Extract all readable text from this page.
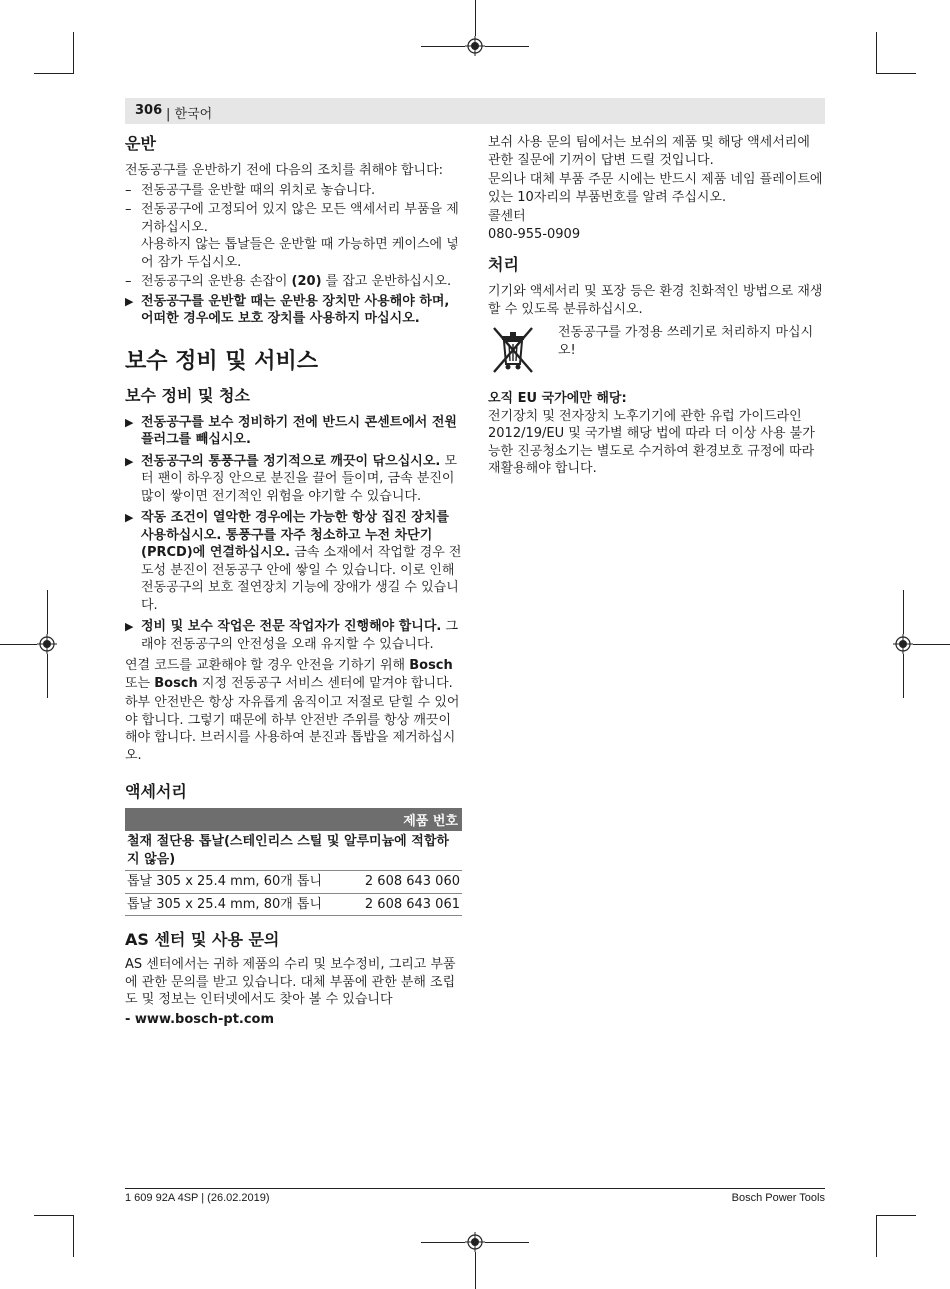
306 | 한국어
운반

전동공구를 운반하기 전에 다음의 조치를 취해야 합니다:

– 전동공구를 운반할 때의 위치로 놓습니다.

– 전동공구에 고정되어 있지 않은 모든 액세서리 부품을 제거하십시오.
사용하지 않는 톱날들은 운반할 때 가능하면 케이스에 넣어 잠가 두십시오.

– 전동공구의 운반용 손잡이 (20) 를 잡고 운반하십시오.

▶ 전동공구를 운반할 때는 운반용 장치만 사용해야 하며, 어떠한 경우에도 보호 장치를 사용하지 마십시오.

보수 정비 및 서비스
보수 정비 및 청소

▶ 전동공구를 보수 정비하기 전에 반드시 콘센트에서 전원 플러그를 빼십시오.

▶ 전동공구의 통풍구를 정기적으로 깨끗이 닦으십시오. 모터 팬이 하우징 안으로 분진을 끌어 들이며, 금속 분진이 많이 쌓이면 전기적인 위험을 야기할 수 있습니다.

▶ 작동 조건이 열악한 경우에는 가능한 항상 집진 장치를 사용하십시오. 통풍구를 자주 청소하고 누전 차단기(PRCD)에 연결하십시오. 금속 소재에서 작업할 경우 전도성 분진이 전동공구 안에 쌓일 수 있습니다. 이로 인해 전동공구의 보호 절연장치 기능에 장애가 생길 수 있습니다.

▶ 정비 및 보수 작업은 전문 작업자가 진행해야 합니다. 그래야 전동공구의 안전성을 오래 유지할 수 있습니다.

연결 코드를 교환해야 할 경우 안전을 기하기 위해 Bosch 또는 Bosch 지정 전동공구 서비스 센터에 맡겨야 합니다.

하부 안전반은 항상 자유롭게 움직이고 저절로 닫힐 수 있어야 합니다. 그렇기 때문에 하부 안전반 주위를 항상 깨끗이 해야 합니다. 브러시를 사용하여 분진과 톱밥을 제거하십시오.

액세서리
제품 번호	
철재 절단용 톱날(스테인리스 스틸 및 알루미늄에 적합하지 않음)	
톱날 305 x 25.4 mm, 60개 톱니	2 608 643 060
톱날 305 x 25.4 mm, 80개 톱니	2 608 643 061
AS 센터 및 사용 문의

AS 센터에서는 귀하 제품의 수리 및 보수정비, 그리고 부품에 관한 문의를 받고 있습니다. 대체 부품에 관한 분해 조립도 및 정보는 인터넷에서도 찾아 볼 수 있습니다

- www.bosch-pt.com

보쉬 사용 문의 팀에서는 보쉬의 제품 및 해당 액세서리에 관한 질문에 기꺼이 답변 드릴 것입니다.

문의나 대체 부품 주문 시에는 반드시 제품 네임 플레이트에 있는 10자리의 부품번호를 알려 주십시오.

콜센터

080-955-0909

처리

기기와 액세서리 및 포장 등은 환경 친화적인 방법으로 재생할 수 있도록 분류하십시오.

전동공구를 가정용 쓰레기로 처리하지 마십시오!

오직 EU 국가에만 해당:

전기장치 및 전자장치 노후기기에 관한 유럽 가이드라인 2012/19/EU 및 국가별 해당 법에 따라 더 이상 사용 불가능한 진공청소기는 별도로 수거하여 환경보호 규정에 따라 재활용해야 합니다.

1 609 92A 4SP | (26.02.2019)	Bosch Power Tools
